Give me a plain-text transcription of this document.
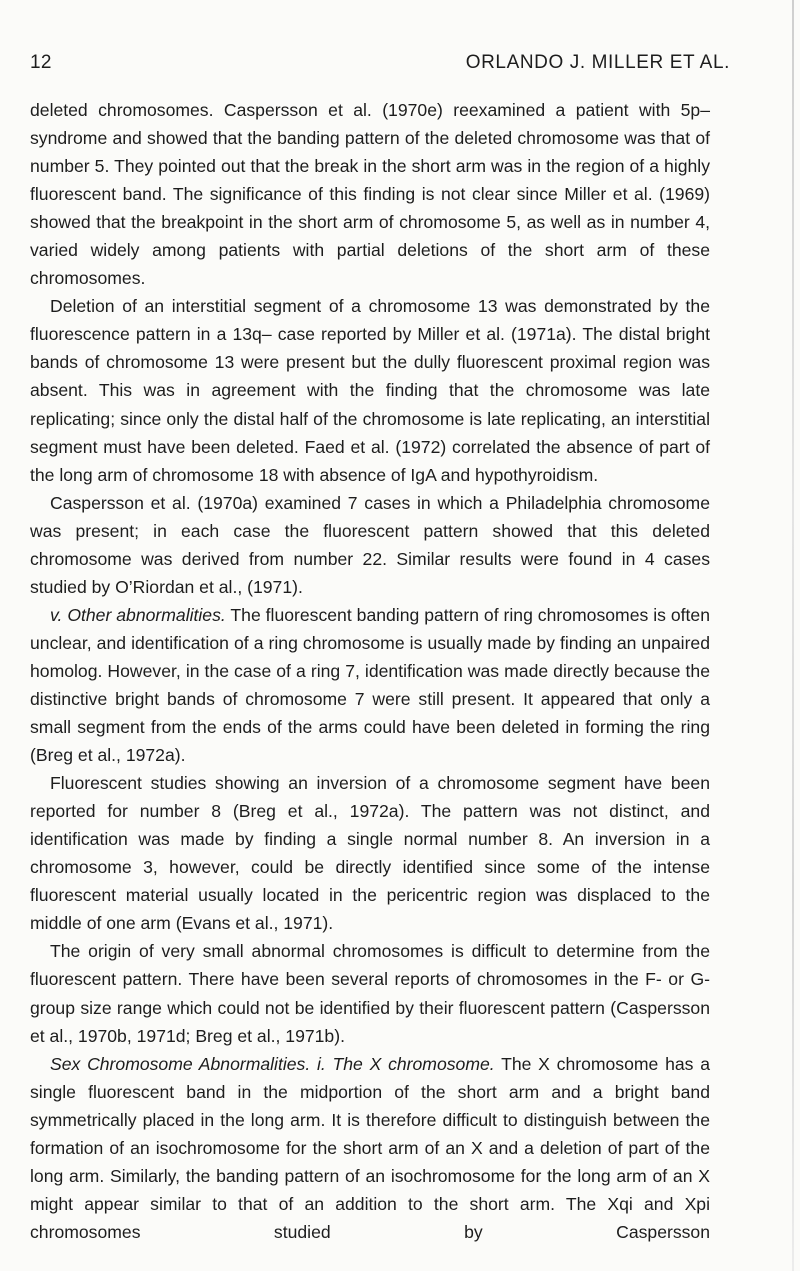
12	ORLANDO J. MILLER ET AL.

deleted chromosomes. Caspersson et al. (1970e) reexamined a patient with 5p– syndrome and showed that the banding pattern of the deleted chromosome was that of number 5. They pointed out that the break in the short arm was in the region of a highly fluorescent band. The significance of this finding is not clear since Miller et al. (1969) showed that the breakpoint in the short arm of chromosome 5, as well as in number 4, varied widely among patients with partial deletions of the short arm of these chromosomes.

Deletion of an interstitial segment of a chromosome 13 was demonstrated by the fluorescence pattern in a 13q– case reported by Miller et al. (1971a). The distal bright bands of chromosome 13 were present but the dully fluorescent proximal region was absent. This was in agreement with the finding that the chromosome was late replicating; since only the distal half of the chromosome is late replicating, an interstitial segment must have been deleted. Faed et al. (1972) correlated the absence of part of the long arm of chromosome 18 with absence of IgA and hypothyroidism.

Caspersson et al. (1970a) examined 7 cases in which a Philadelphia chromosome was present; in each case the fluorescent pattern showed that this deleted chromosome was derived from number 22. Similar results were found in 4 cases studied by O’Riordan et al., (1971).

v. Other abnormalities. The fluorescent banding pattern of ring chromosomes is often unclear, and identification of a ring chromosome is usually made by finding an unpaired homolog. However, in the case of a ring 7, identification was made directly because the distinctive bright bands of chromosome 7 were still present. It appeared that only a small segment from the ends of the arms could have been deleted in forming the ring (Breg et al., 1972a).

Fluorescent studies showing an inversion of a chromosome segment have been reported for number 8 (Breg et al., 1972a). The pattern was not distinct, and identification was made by finding a single normal number 8. An inversion in a chromosome 3, however, could be directly identified since some of the intense fluorescent material usually located in the pericentric region was displaced to the middle of one arm (Evans et al., 1971).

The origin of very small abnormal chromosomes is difficult to determine from the fluorescent pattern. There have been several reports of chromosomes in the F- or G-group size range which could not be identified by their fluorescent pattern (Caspersson et al., 1970b, 1971d; Breg et al., 1971b).

Sex Chromosome Abnormalities. i. The X chromosome. The X chromosome has a single fluorescent band in the midportion of the short arm and a bright band symmetrically placed in the long arm. It is therefore difficult to distinguish between the formation of an isochromosome for the short arm of an X and a deletion of part of the long arm. Similarly, the banding pattern of an isochromosome for the long arm of an X might appear similar to that of an addition to the short arm. The Xqi and Xpi chromosomes studied by Caspersson
